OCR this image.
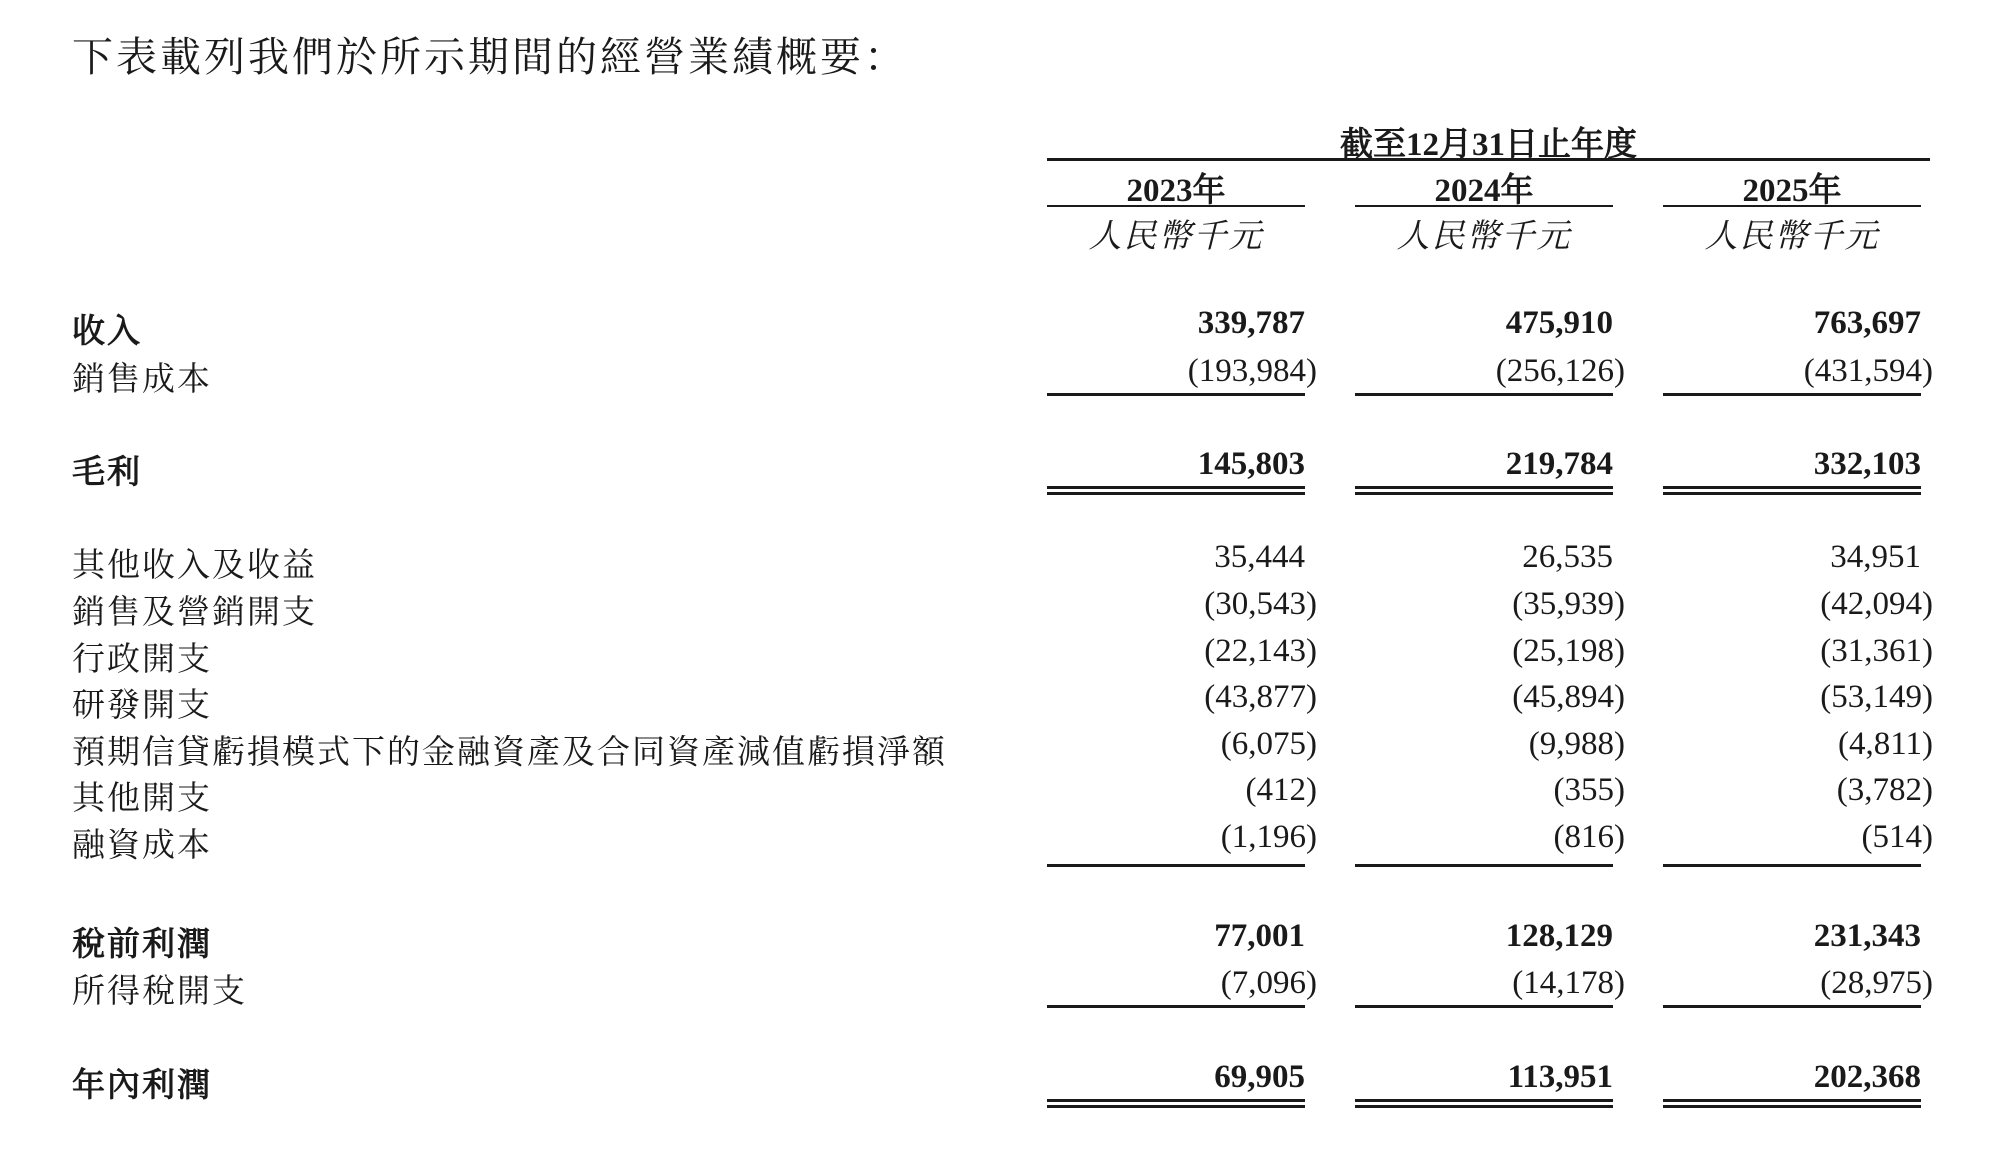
下表載列我們於所示期間的經營業績概要：
截至12月31日止年度
2023年	2024年	2025年
人民幣千元	人民幣千元	人民幣千元
收入	339,787	475,910	763,697
銷售成本	(193,984)	(256,126)	(431,594)
毛利	145,803	219,784	332,103
其他收入及收益	35,444	26,535	34,951
銷售及營銷開支	(30,543)	(35,939)	(42,094)
行政開支	(22,143)	(25,198)	(31,361)
研發開支	(43,877)	(45,894)	(53,149)
預期信貸虧損模式下的金融資產及合同資產減值虧損淨額	(6,075)	(9,988)	(4,811)
其他開支	(412)	(355)	(3,782)
融資成本	(1,196)	(816)	(514)
稅前利潤	77,001	128,129	231,343
所得稅開支	(7,096)	(14,178)	(28,975)
年內利潤	69,905	113,951	202,368
